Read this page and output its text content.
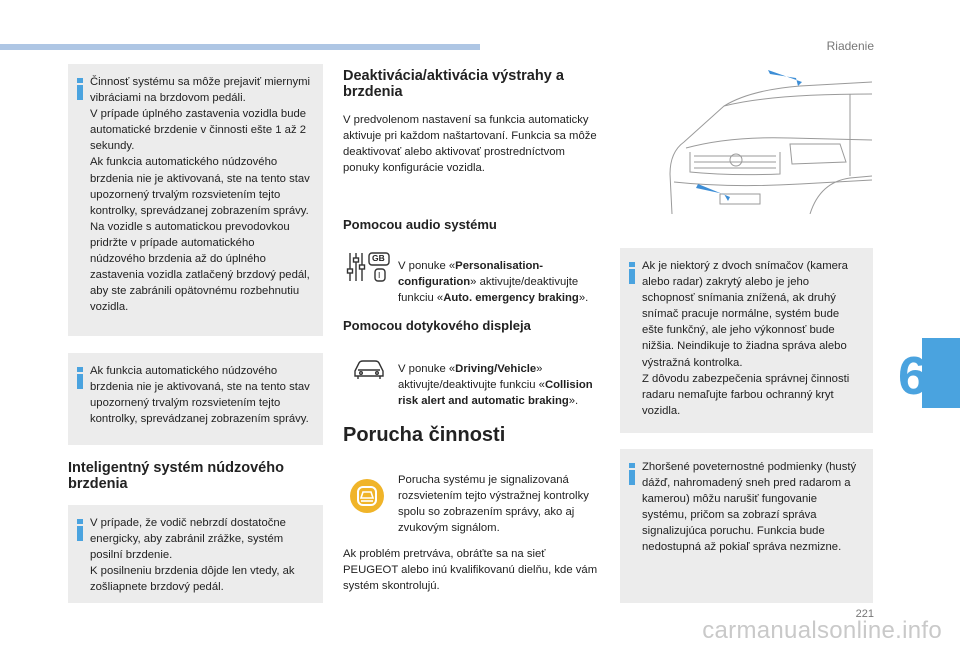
Riadenie

Činnosť systému sa môže prejaviť miernymi vibráciami na brzdovom pedáli.
V prípade úplného zastavenia vozidla bude automatické brzdenie v činnosti ešte 1 až 2 sekundy.
Ak funkcia automatického núdzového brzdenia nie je aktivovaná, ste na tento stav upozornený trvalým rozsvietením tejto kontrolky, sprevádzanej zobrazením správy.
Na vozidle s automatickou prevodovkou pridržte v prípade automatického núdzového brzdenia až do úplného zastavenia vozidla zatlačený brzdový pedál, aby ste zabránili opätovnému rozbehnutiu vozidla.

Ak funkcia automatického núdzového brzdenia nie je aktivovaná, ste na tento stav upozornený trvalým rozsvietením tejto kontrolky, sprevádzanej zobrazením správy.

Inteligentný systém núdzového brzdenia

V prípade, že vodič nebrzdí dostatočne energicky, aby zabránil zrážke, systém posilní brzdenie.
K posilneniu brzdenia dôjde len vtedy, ak zošliapnete brzdový pedál.

Deaktivácia/aktivácia výstrahy a brzdenia
V predvolenom nastavení sa funkcia automaticky aktivuje pri každom naštartovaní. Funkcia sa môže deaktivovať alebo aktivovať prostredníctvom ponuky konfigurácie vozidla.
Pomocou audio systému
GB
I

V ponuke «Personalisation-configuration» aktivujte/deaktivujte funkciu «Auto. emergency braking».

Pomocou dotykového displeja

V ponuke «Driving/Vehicle» aktivujte/deaktivujte funkciu «Collision risk alert and automatic braking».

Porucha činnosti
Porucha systému je signalizovaná rozsvietením tejto výstražnej kontrolky spolu so zobrazením správy, ako aj zvukovým signálom.
Ak problém pretrváva, obráťte sa na sieť PEUGEOT alebo inú kvalifikovanú dielňu, kde vám systém skontrolujú.

Ak je niektorý z dvoch snímačov (kamera alebo radar) zakrytý alebo je jeho schopnosť snímania znížená, ak druhý snímač pracuje normálne, systém bude ešte funkčný, ale jeho výkonnosť bude nižšia. Neindikuje to žiadna správa alebo výstražná kontrolka.
Z dôvodu zabezpečenia správnej činnosti radaru nemaľujte farbou ochranný kryt vozidla.

Zhoršené poveternostné podmienky (hustý dážď, nahromadený sneh pred radarom a kamerou) môžu narušiť fungovanie systému, pričom sa zobrazí správa signalizujúca poruchu. Funkcia bude nedostupná až pokiaľ správa nezmizne.

6
221
carmanualsonline.info
